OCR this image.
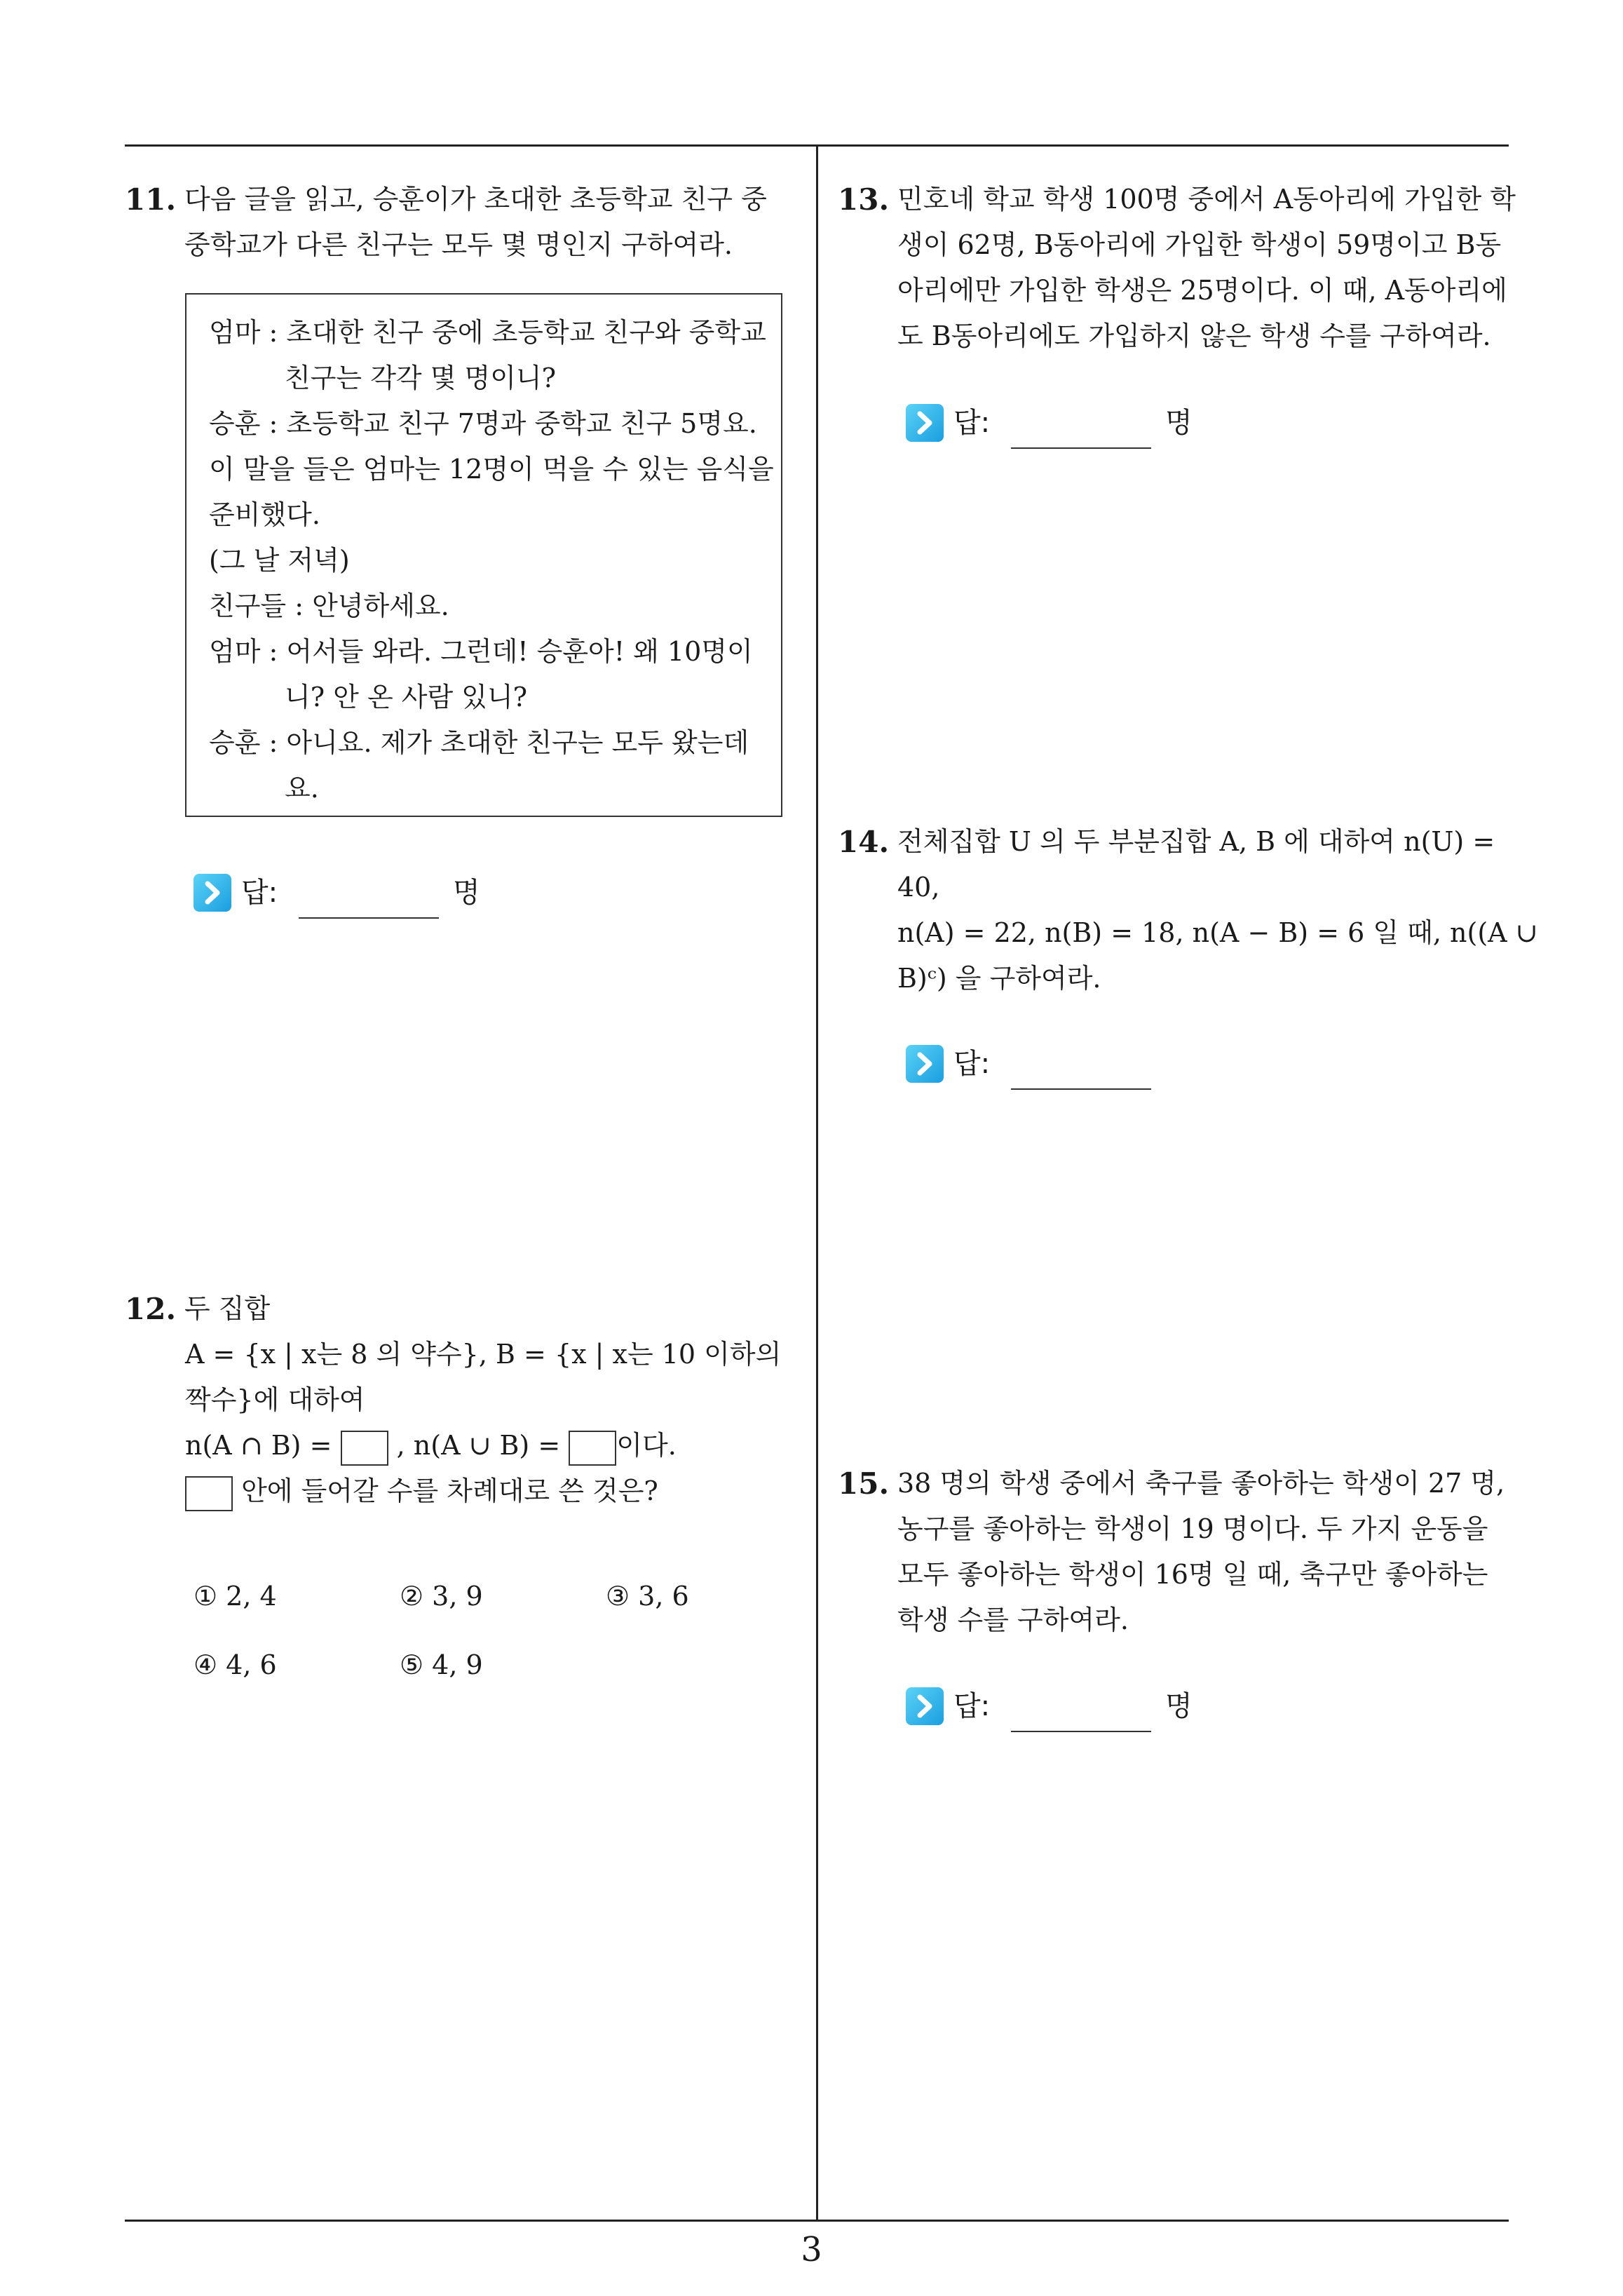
11. 다음 글을 읽고, 승훈이가 초대한 초등학교 친구 중

중학교가 다른 친구는 모두 몇 명인지 구하여라.

엄마 : 초대한 친구 중에 초등학교 친구와 중학교

친구는 각각 몇 명이니?

승훈 : 초등학교 친구 7명과 중학교 친구 5명요.

이 말을 들은 엄마는 12명이 먹을 수 있는 음식을

준비했다.

(그 날 저녁)

친구들 : 안녕하세요.

엄마 : 어서들 와라. 그런데! 승훈아! 왜 10명이

니? 안 온 사람 있니?

승훈 : 아니요. 제가 초대한 친구는 모두 왔는데

요.

답:	명
12. 두 집합

A = {x | x는 8 의 약수}, B = {x | x는 10 이하의

짝수}에 대하여

n(A ∩ B) = , n(A ∪ B) = 이다.

안에 들어갈 수를 차례대로 쓴 것은?

① 2, 4	② 3, 9	③ 3, 6
④ 4, 6	⑤ 4, 9
13. 민호네 학교 학생 100명 중에서 A동아리에 가입한 학

생이 62명, B동아리에 가입한 학생이 59명이고 B동

아리에만 가입한 학생은 25명이다. 이 때, A동아리에

도 B동아리에도 가입하지 않은 학생 수를 구하여라.

답:	명
14. 전체집합 U 의 두 부분집합 A, B 에 대하여 n(U) =

40,

n(A) = 22, n(B) = 18, n(A − B) = 6 일 때, n((A ∪

B)ᶜ) 을 구하여라.

답:
15. 38 명의 학생 중에서 축구를 좋아하는 학생이 27 명,

농구를 좋아하는 학생이 19 명이다. 두 가지 운동을

모두 좋아하는 학생이 16명 일 때, 축구만 좋아하는

학생 수를 구하여라.

답:	명
3
